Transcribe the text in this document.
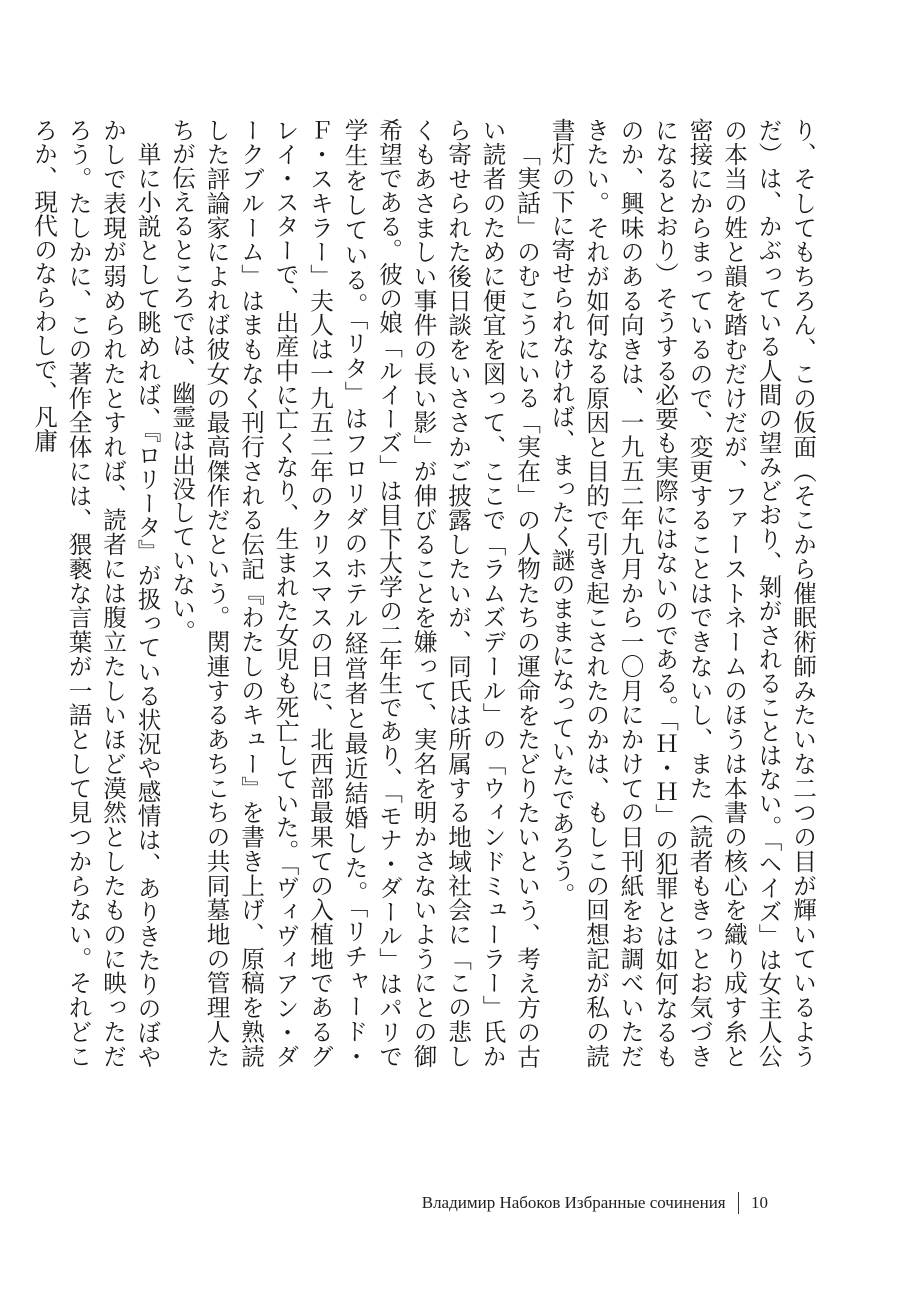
り、そしてもちろん、この仮面（そこから催眠術師みたいな二つの目が輝いているようだ）は、かぶっている人間の望みどおり、剝がされることはない。「ヘイズ」は女主人公の本当の姓と韻を踏むだけだが、ファーストネームのほうは本書の核心を織り成す糸と密接にからまっているので、変更することはできないし、また（読者もきっとお気づきになるとおり）そうする必要も実際にはないのである。「Ｈ・Ｈ」の犯罪とは如何なるものか、興味のある向きは、一九五二年九月から一〇月にかけての日刊紙をお調べいただきたい。それが如何なる原因と目的で引き起こされたのかは、もしこの回想記が私の読書灯の下に寄せられなければ、まったく謎のままになっていたであろう。

「実話」のむこうにいる「実在」の人物たちの運命をたどりたいという、考え方の古い読者のために便宜を図って、ここで「ラムズデール」の「ウィンドミューラー」氏から寄せられた後日談をいささかご披露したいが、同氏は所属する地域社会に「この悲しくもあさましい事件の長い影」が伸びることを嫌って、実名を明かさないようにとの御希望である。彼の娘「ルイーズ」は目下大学の二年生であり、「モナ・ダール」はパリで学生をしている。「リタ」はフロリダのホテル経営者と最近結婚した。「リチャード・Ｆ・スキラー」夫人は一九五二年のクリスマスの日に、北西部最果ての入植地であるグレイ・スターで、出産中に亡くなり、生まれた女児も死亡していた。「ヴィヴィアン・ダークブルーム」はまもなく刊行される伝記『わたしのキュー』を書き上げ、原稿を熟読した評論家によれば彼女の最高傑作だという。関連するあちこちの共同墓地の管理人たちが伝えるところでは、幽霊は出没していない。

単に小説として眺めれば、『ロリータ』が扱っている状況や感情は、ありきたりのぼやかしで表現が弱められたとすれば、読者には腹立たしいほど漠然としたものに映っただろう。たしかに、この著作全体には、猥褻な言葉が一語として見つからない。それどころか、現代のならわしで、凡庸

Владимир Набоков Избранные сочинения 10
